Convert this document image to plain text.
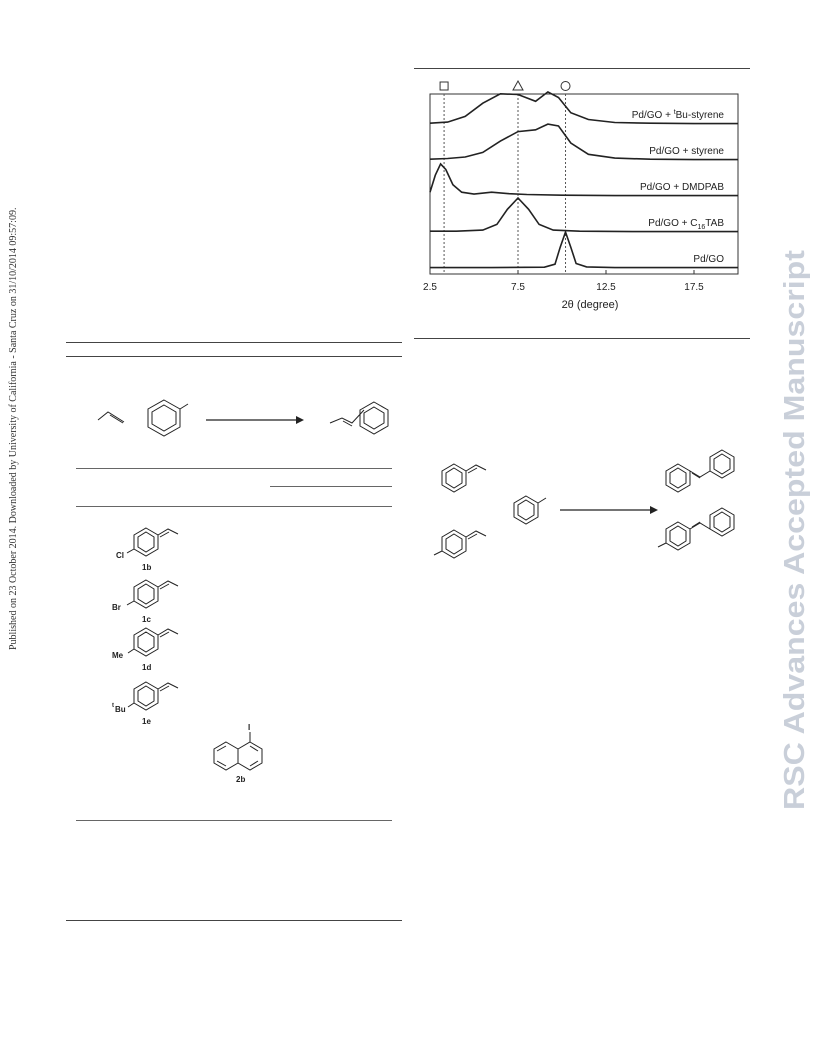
Published on 23 October 2014. Downloaded by University of California - Santa Cruz on 31/10/2014 09:57:09.	RSC Advances Accepted Manuscript
Pd/GO + $^t$Bu-styrene
Pd/GO + styrene
Pd/GO + DMDPAB
$Pd/GO + C_{16}TAB$
Pd/GO
2.5	7.5	12.5	17.5
2θ (degree)
Cl
1b
Br
1c
Me
1d
t Bu
1e
I
2b
